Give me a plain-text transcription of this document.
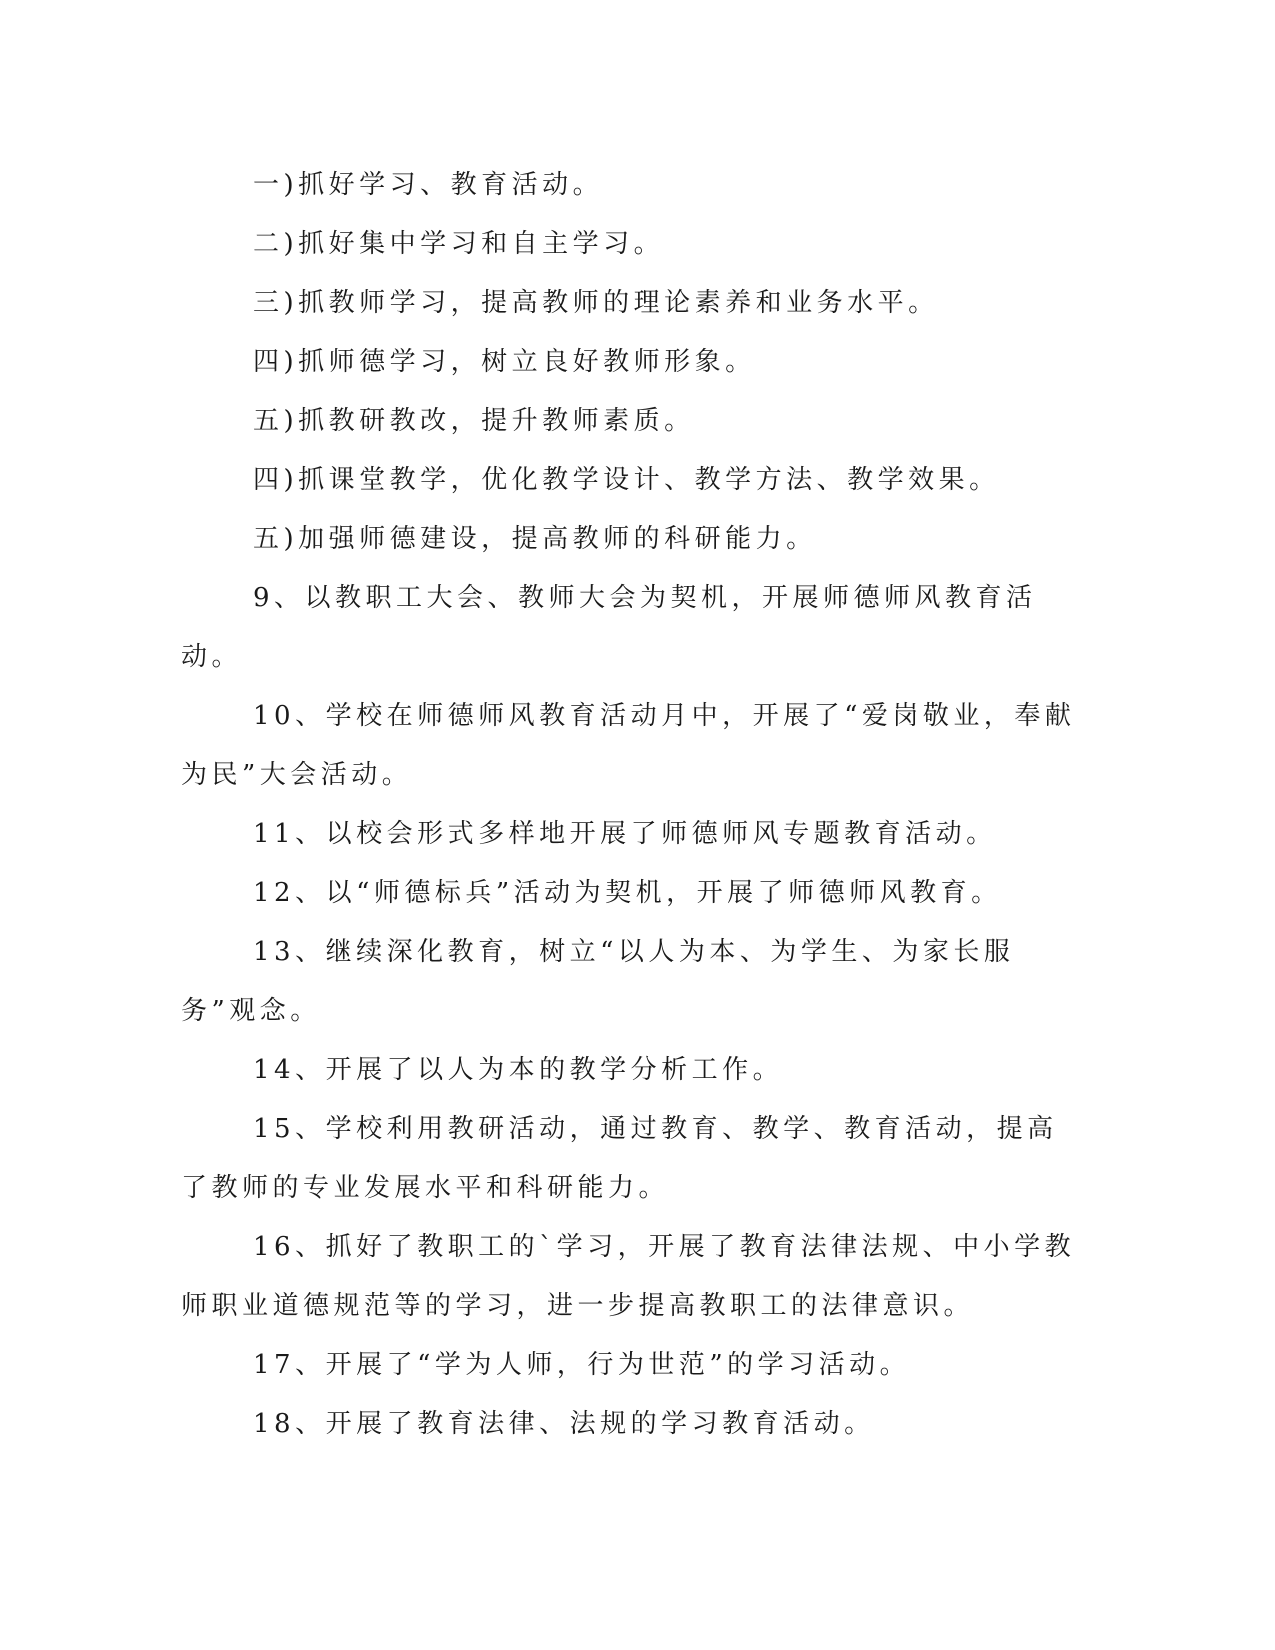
一)抓好学习、教育活动。

二)抓好集中学习和自主学习。

三)抓教师学习，提高教师的理论素养和业务水平。

四)抓师德学习，树立良好教师形象。

五)抓教研教改，提升教师素质。

四)抓课堂教学，优化教学设计、教学方法、教学效果。

五)加强师德建设，提高教师的科研能力。

9、以教职工大会、教师大会为契机，开展师德师风教育活动。

10、学校在师德师风教育活动月中，开展了“爱岗敬业，奉献为民”大会活动。

11、以校会形式多样地开展了师德师风专题教育活动。

12、以“师德标兵”活动为契机，开展了师德师风教育。

13、继续深化教育，树立“以人为本、为学生、为家长服务”观念。

14、开展了以人为本的教学分析工作。

15、学校利用教研活动，通过教育、教学、教育活动，提高了教师的专业发展水平和科研能力。

16、抓好了教职工的`学习，开展了教育法律法规、中小学教师职业道德规范等的学习，进一步提高教职工的法律意识。

17、开展了“学为人师，行为世范”的学习活动。

18、开展了教育法律、法规的学习教育活动。
